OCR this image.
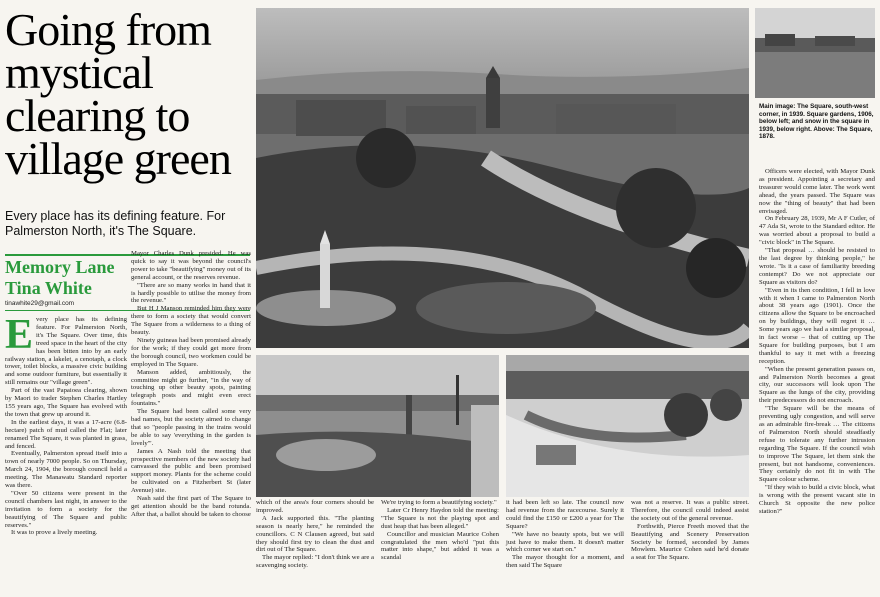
Going from mystical clearing to village green
Every place has its defining feature. For Palmerston North, it's The Square.
Memory Lane
Tina White
tinawhite29@gmail.com

Every place has its defining feature. For Palmerston North, it's The Square. Over time, this treed space in the heart of the city has been bitten into by an early railway station, a lakelet, a cenotaph, a clock tower, toilet blocks, a massive civic building and some outdoor furniture, but essentially it still remains our "village green".

Part of the vast Papaioea clearing, shown by Maori to trader Stephen Charles Hartley 155 years ago, The Square has evolved with the town that grew up around it.

In the earliest days, it was a 17-acre (6.8-hectare) patch of mud called the Flat; later renamed The Square, it was planted in grass, and fenced.

Eventually, Palmerston spread itself into a town of nearly 7000 people. So on Thursday, March 24, 1904, the borough council held a meeting. The Manawatu Standard reporter was there.

"Over 50 citizens were present in the council chambers last night, in answer to the invitation to form a society for the beautifying of The Square and public reserves."

It was to prove a lively meeting.

Mayor Charles Dunk presided. He was quick to say it was beyond the council's power to take "beautifying" money out of its general account, or the reserves revenue.

"There are so many works in hand that it is hardly possible to utilise the money from the revenue."

But H J Manson reminded him they were there to form a society that would convert The Square from a wilderness to a thing of beauty.

Ninety guineas had been promised already for the work; if they could get more from the borough council, two workmen could be employed in The Square.

Manson added, ambitiously, the committee might go further, "in the way of touching up other beauty spots, painting telegraph posts and might even erect fountains."

The Square had been called some very bad names, but the society aimed to change that so "people passing in the trains would be able to say 'everything in the garden is lovely'".

James A Nash told the meeting that prospective members of the new society had canvassed the public and been promised support money. Plants for the scheme could be cultivated on a Fitzherbert St (later Avenue) site.

Nash said the first part of The Square to get attention should be the band rotunda. After that, a ballot should be taken to choose

Main image: The Square, south-west corner, in 1939. Square gardens, 1906, below left; and snow in the square in 1939, below right. Above: The Square, 1878.

Officers were elected, with Mayor Dunk as president. Appointing a secretary and treasurer would come later. The work went ahead, the years passed. The Square was now the "thing of beauty" that had been envisaged.

On February 28, 1939, Mr A F Cutler, of 47 Ada St, wrote to the Standard editor. He was worried about a proposal to build a "civic block" in The Square.

"That proposal … should be resisted to the last degree by thinking people," he wrote. "Is it a case of familiarity breeding contempt? Do we not appreciate our Square as visitors do?

"Even in its then condition, I fell in love with it when I came to Palmerston North about 38 years ago (1901). Once the citizens allow the Square to be encroached on by buildings, they will regret it … Some years ago we had a similar proposal, in fact worse – that of cutting up The Square for building purposes, but I am thankful to say it met with a freezing reception.

"When the present generation passes on, and Palmerston North becomes a great city, our successors will look upon The Square as the lungs of the city, providing their predecessors do not encroach.

"The Square will be the means of preventing ugly congestion, and will serve as an admirable fire-break … The citizens of Palmerston North should steadfastly refuse to tolerate any further intrusion regarding The Square. If the council wish to improve The Square, let them sink the present, but not handsome, conveniences. They certainly do not fit in with The Square colour scheme.

"If they wish to build a civic block, what is wrong with the present vacant site in Church St opposite the new police station?"

which of the area's four corners should be improved.

A Jack supported this. "The planting season is nearly here," he reminded the councillors. C N Clausen agreed, but said they should first try to clean the dust and dirt out of The Square.

The mayor replied: "I don't think we are a scavenging society.

We're trying to form a beautifying society."

Later Cr Henry Haydon told the meeting: "The Square is not the playing spot and dust heap that has been alleged."

Councillor and musician Maurice Cohen congratulated the men who'd "put this matter into shape," but added it was a scandal

it had been left so late. The council now had revenue from the racecourse. Surely it could find the £150 or £200 a year for The Square?

"We have no beauty spots, but we will just have to make them. It doesn't matter which corner we start on."

The mayor thought for a moment, and then said The Square

was not a reserve. It was a public street. Therefore, the council could indeed assist the society out of the general revenue.

Forthwith, Pierce Freeth moved that the Beautifying and Scenery Preservation Society be formed, seconded by James Mowlem. Maurice Cohen said he'd donate a seat for The Square.
